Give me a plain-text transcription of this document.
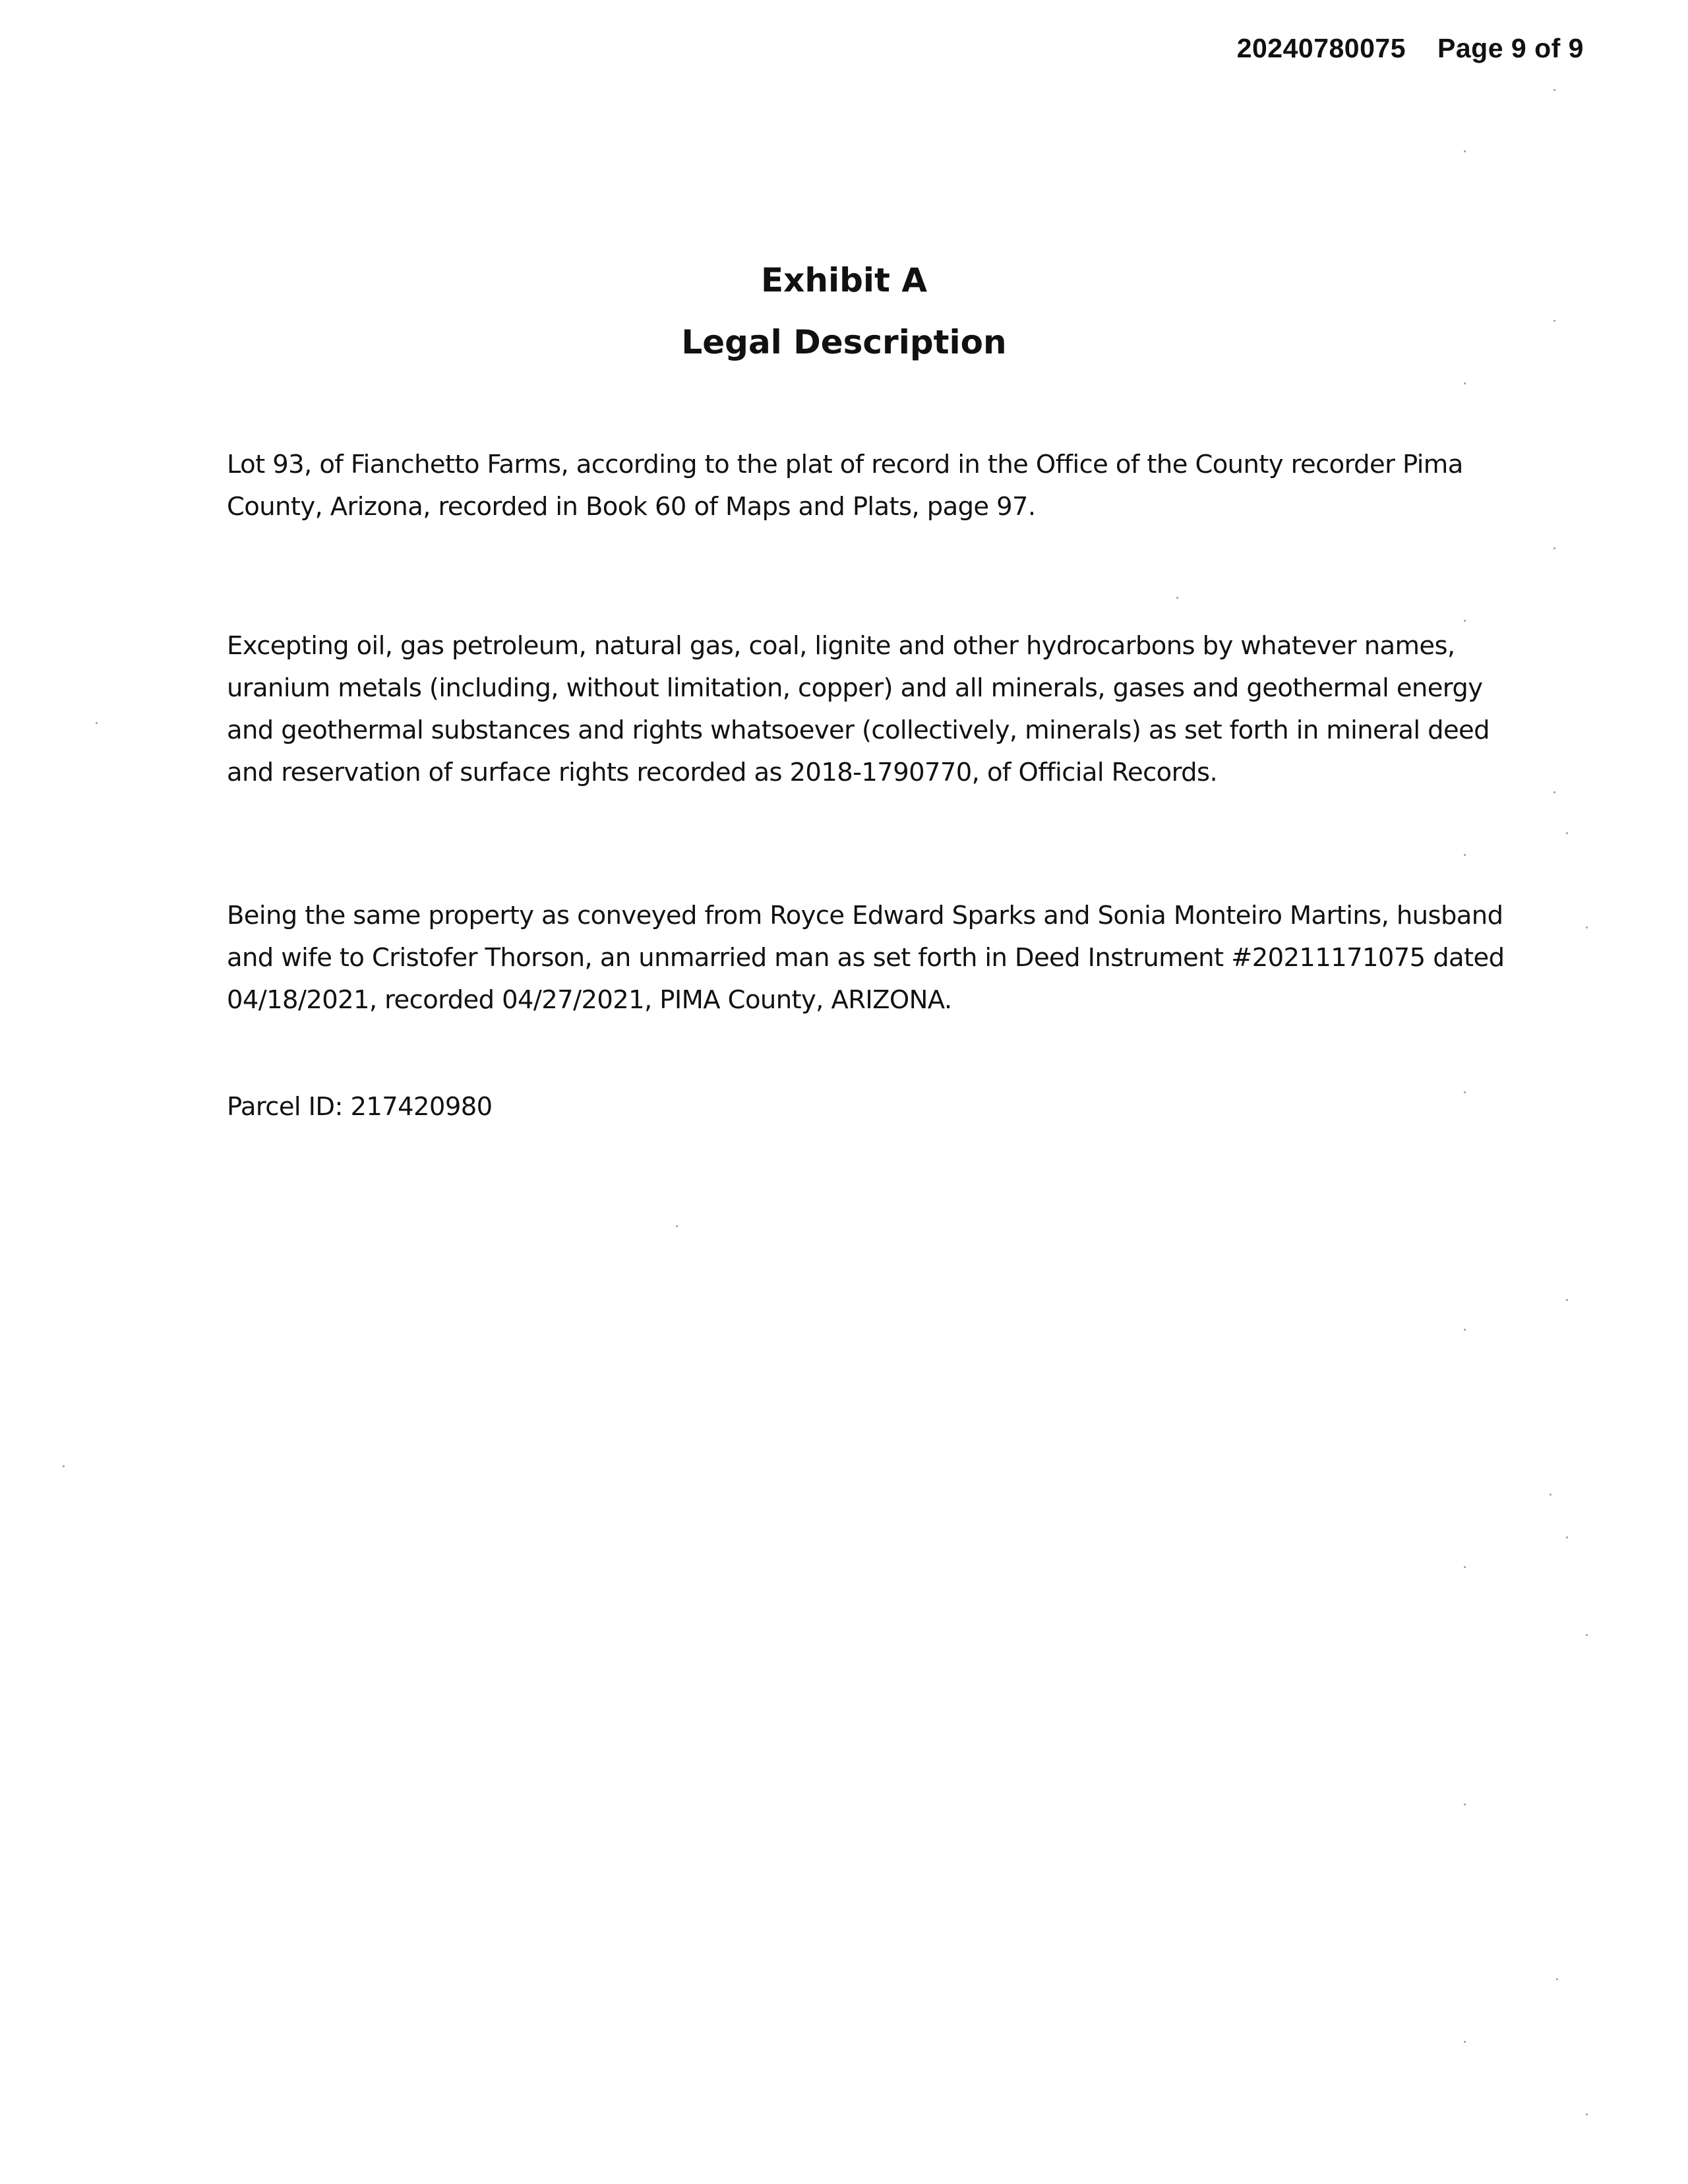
20240780075 Page 9 of 9
Exhibit A
Legal Description
Lot 93, of Fianchetto Farms, according to the plat of record in the Office of the County recorder Pima
County, Arizona, recorded in Book 60 of Maps and Plats, page 97.
Excepting oil, gas petroleum, natural gas, coal, lignite and other hydrocarbons by whatever names,
uranium metals (including, without limitation, copper) and all minerals, gases and geothermal energy
and geothermal substances and rights whatsoever (collectively, minerals) as set forth in mineral deed
and reservation of surface rights recorded as 2018-1790770, of Official Records.
Being the same property as conveyed from Royce Edward Sparks and Sonia Monteiro Martins, husband
and wife to Cristofer Thorson, an unmarried man as set forth in Deed Instrument #20211171075 dated
04/18/2021, recorded 04/27/2021, PIMA County, ARIZONA.
Parcel ID: 217420980
